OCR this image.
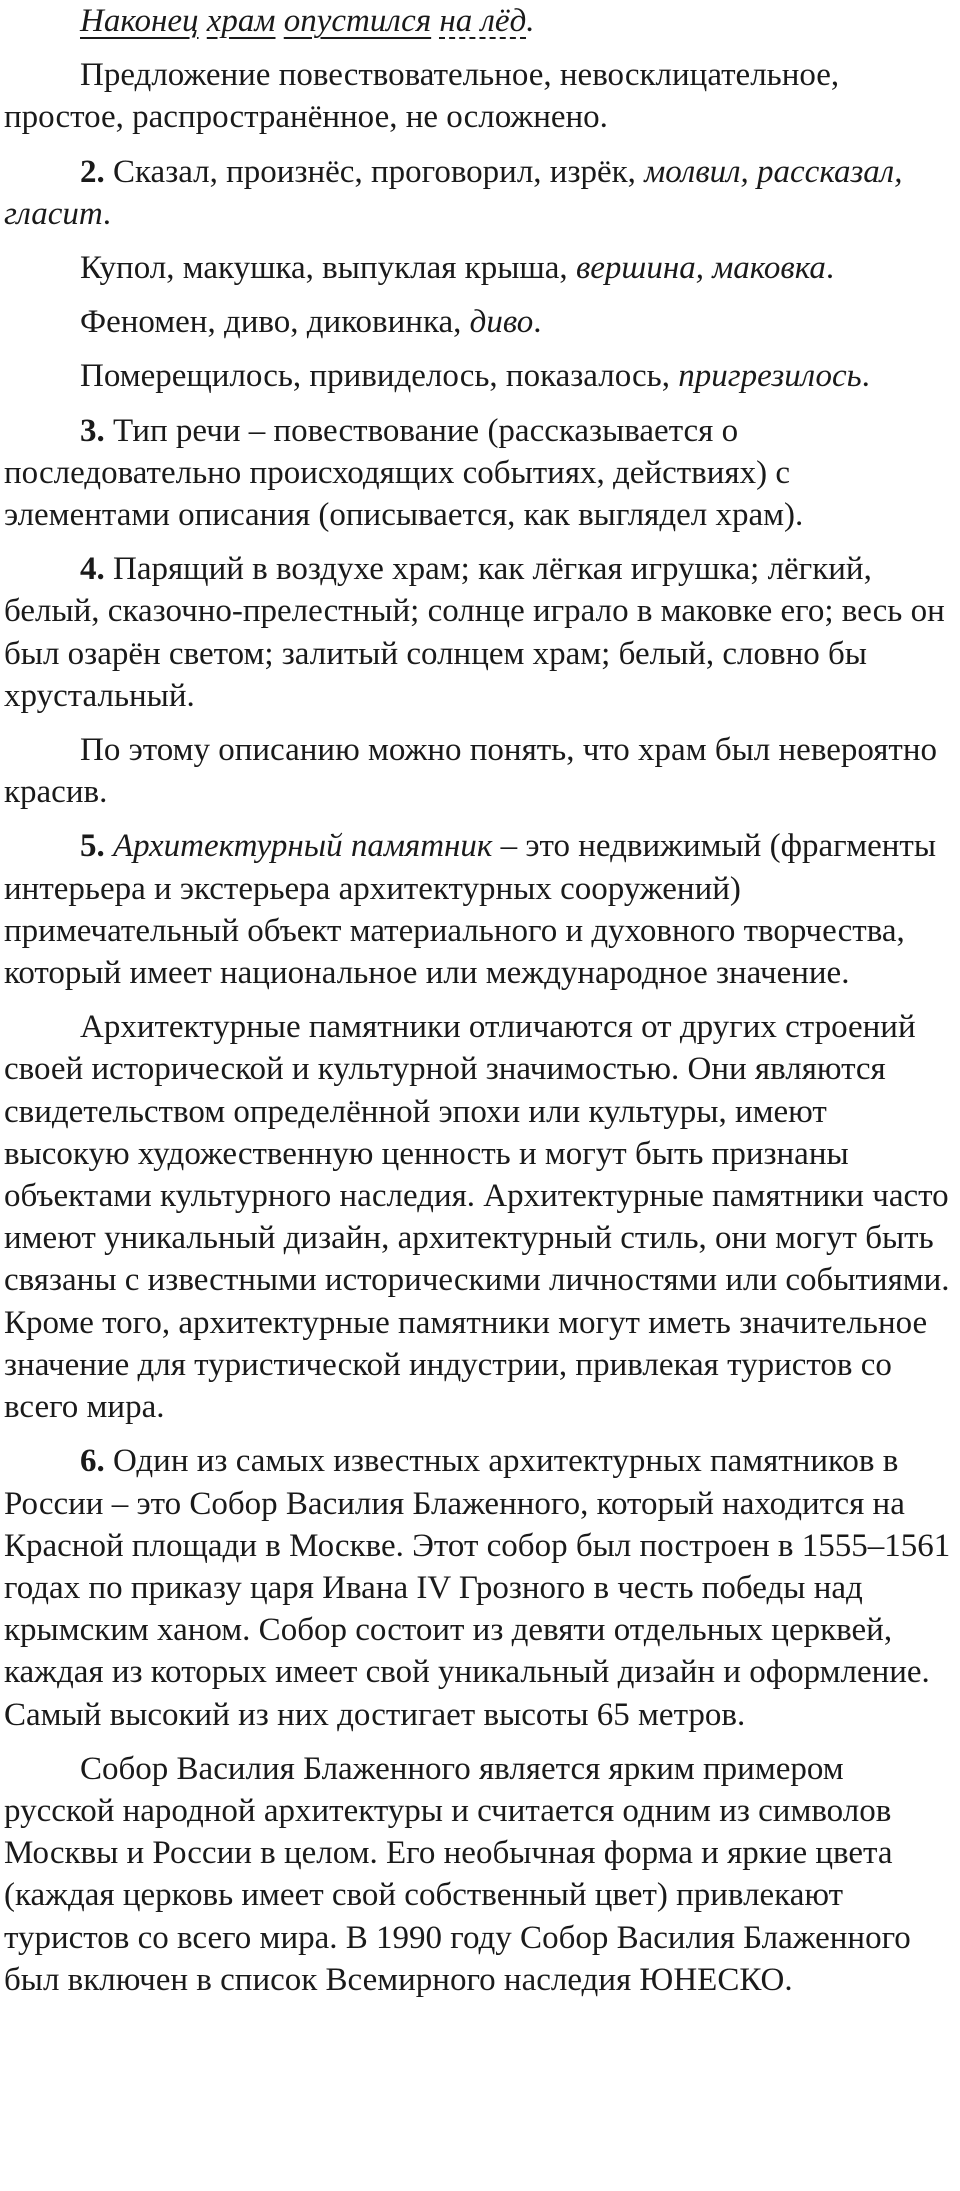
Наконец храм опустился на лёд.

Предложение повествовательное, невосклицательное, простое, распространённое, не осложнено.

2. Сказал, произнёс, проговорил, изрёк, молвил, рассказал, гласит.

Купол, макушка, выпуклая крыша, вершина, маковка.

Феномен, диво, диковинка, диво.

Померещилось, привиделось, показалось, пригрезилось.

3. Тип речи – повествование (рассказывается о последовательно происходящих событиях, действиях) с элементами описания (описывается, как выглядел храм).

4. Парящий в воздухе храм; как лёгкая игрушка; лёгкий, белый, сказочно-прелестный; солнце играло в маковке его; весь он был озарён светом; залитый солнцем храм; белый, словно бы хрустальный.

По этому описанию можно понять, что храм был невероятно красив.

5. Архитектурный памятник – это недвижимый (фрагменты интерьера и экстерьера архитектурных сооружений) примечательный объект материального и духовного творчества, который имеет национальное или международное значение.

Архитектурные памятники отличаются от других строений своей исторической и культурной значимостью. Они являются свидетельством определённой эпохи или культуры, имеют высокую художественную ценность и могут быть признаны объектами культурного наследия. Архитектурные памятники часто имеют уникальный дизайн, архитектурный стиль, они могут быть связаны с известными историческими личностями или событиями. Кроме того, архитектурные памятники могут иметь значительное значение для туристической индустрии, привлекая туристов со всего мира.

6. Один из самых известных архитектурных памятников в России – это Собор Василия Блаженного, который находится на Красной площади в Москве. Этот собор был построен в 1555–1561 годах по приказу царя Ивана IV Грозного в честь победы над крымским ханом. Собор состоит из девяти отдельных церквей, каждая из которых имеет свой уникальный дизайн и оформление. Самый высокий из них достигает высоты 65 метров.

Собор Василия Блаженного является ярким примером русской народной архитектуры и считается одним из символов Москвы и России в целом. Его необычная форма и яркие цвета (каждая церковь имеет свой собственный цвет) привлекают туристов со всего мира. В 1990 году Собор Василия Блаженного был включен в список Всемирного наследия ЮНЕСКО.
